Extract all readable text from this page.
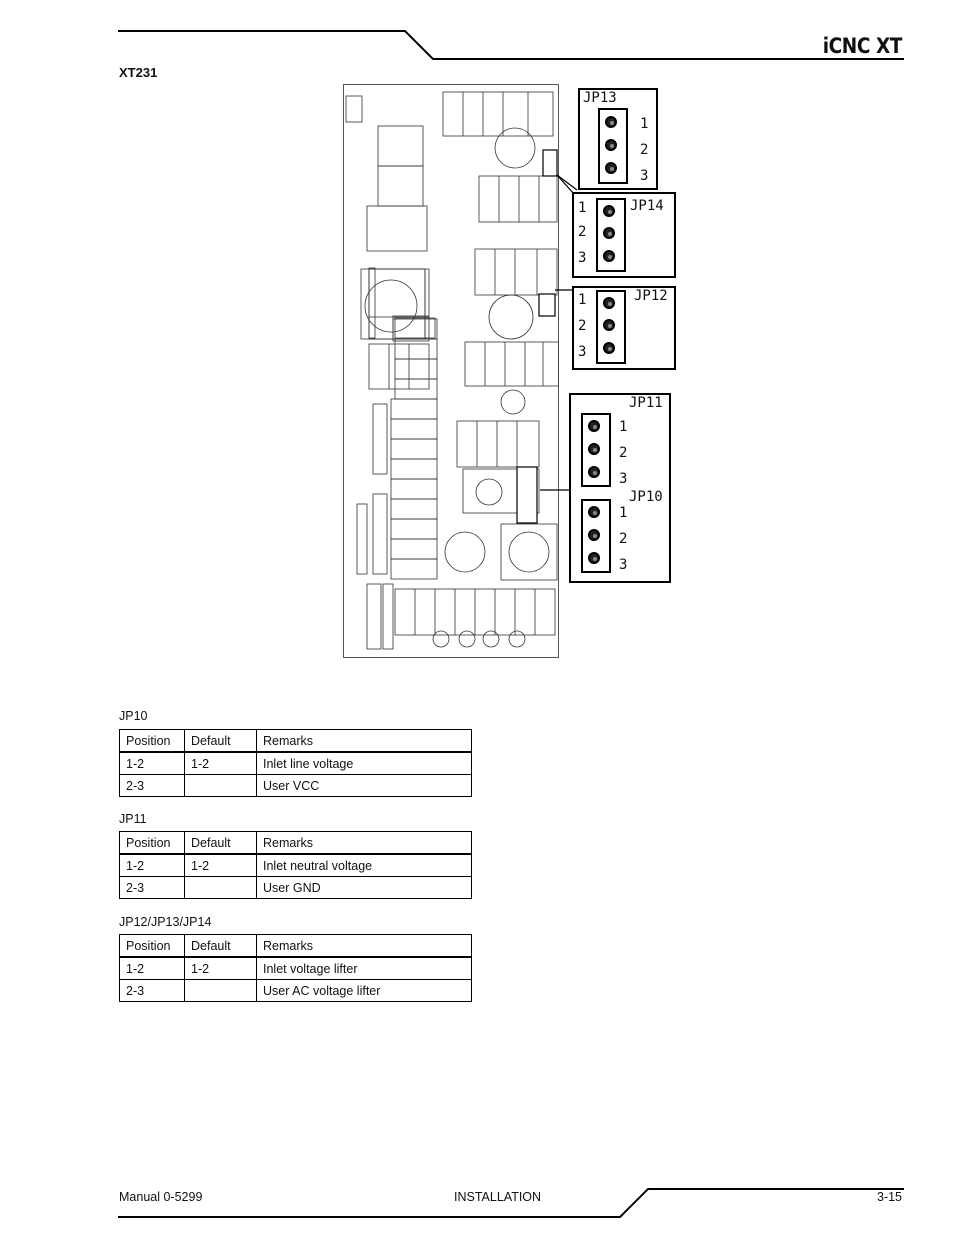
iCNC XT
XT231
JP13
1
2
3
1
2
3
JP14
1
2
3
JP12
JP11
1
2
3
JP10
1
2
3
JP10
Position	Default	Remarks
1-2	1-2	Inlet line voltage
2-3		User VCC
JP11
Position	Default	Remarks
1-2	1-2	Inlet neutral voltage
2-3		User GND
JP12/JP13/JP14
Position	Default	Remarks
1-2	1-2	Inlet voltage lifter
2-3		User AC voltage lifter
Manual 0-5299	INSTALLATION	3-15
